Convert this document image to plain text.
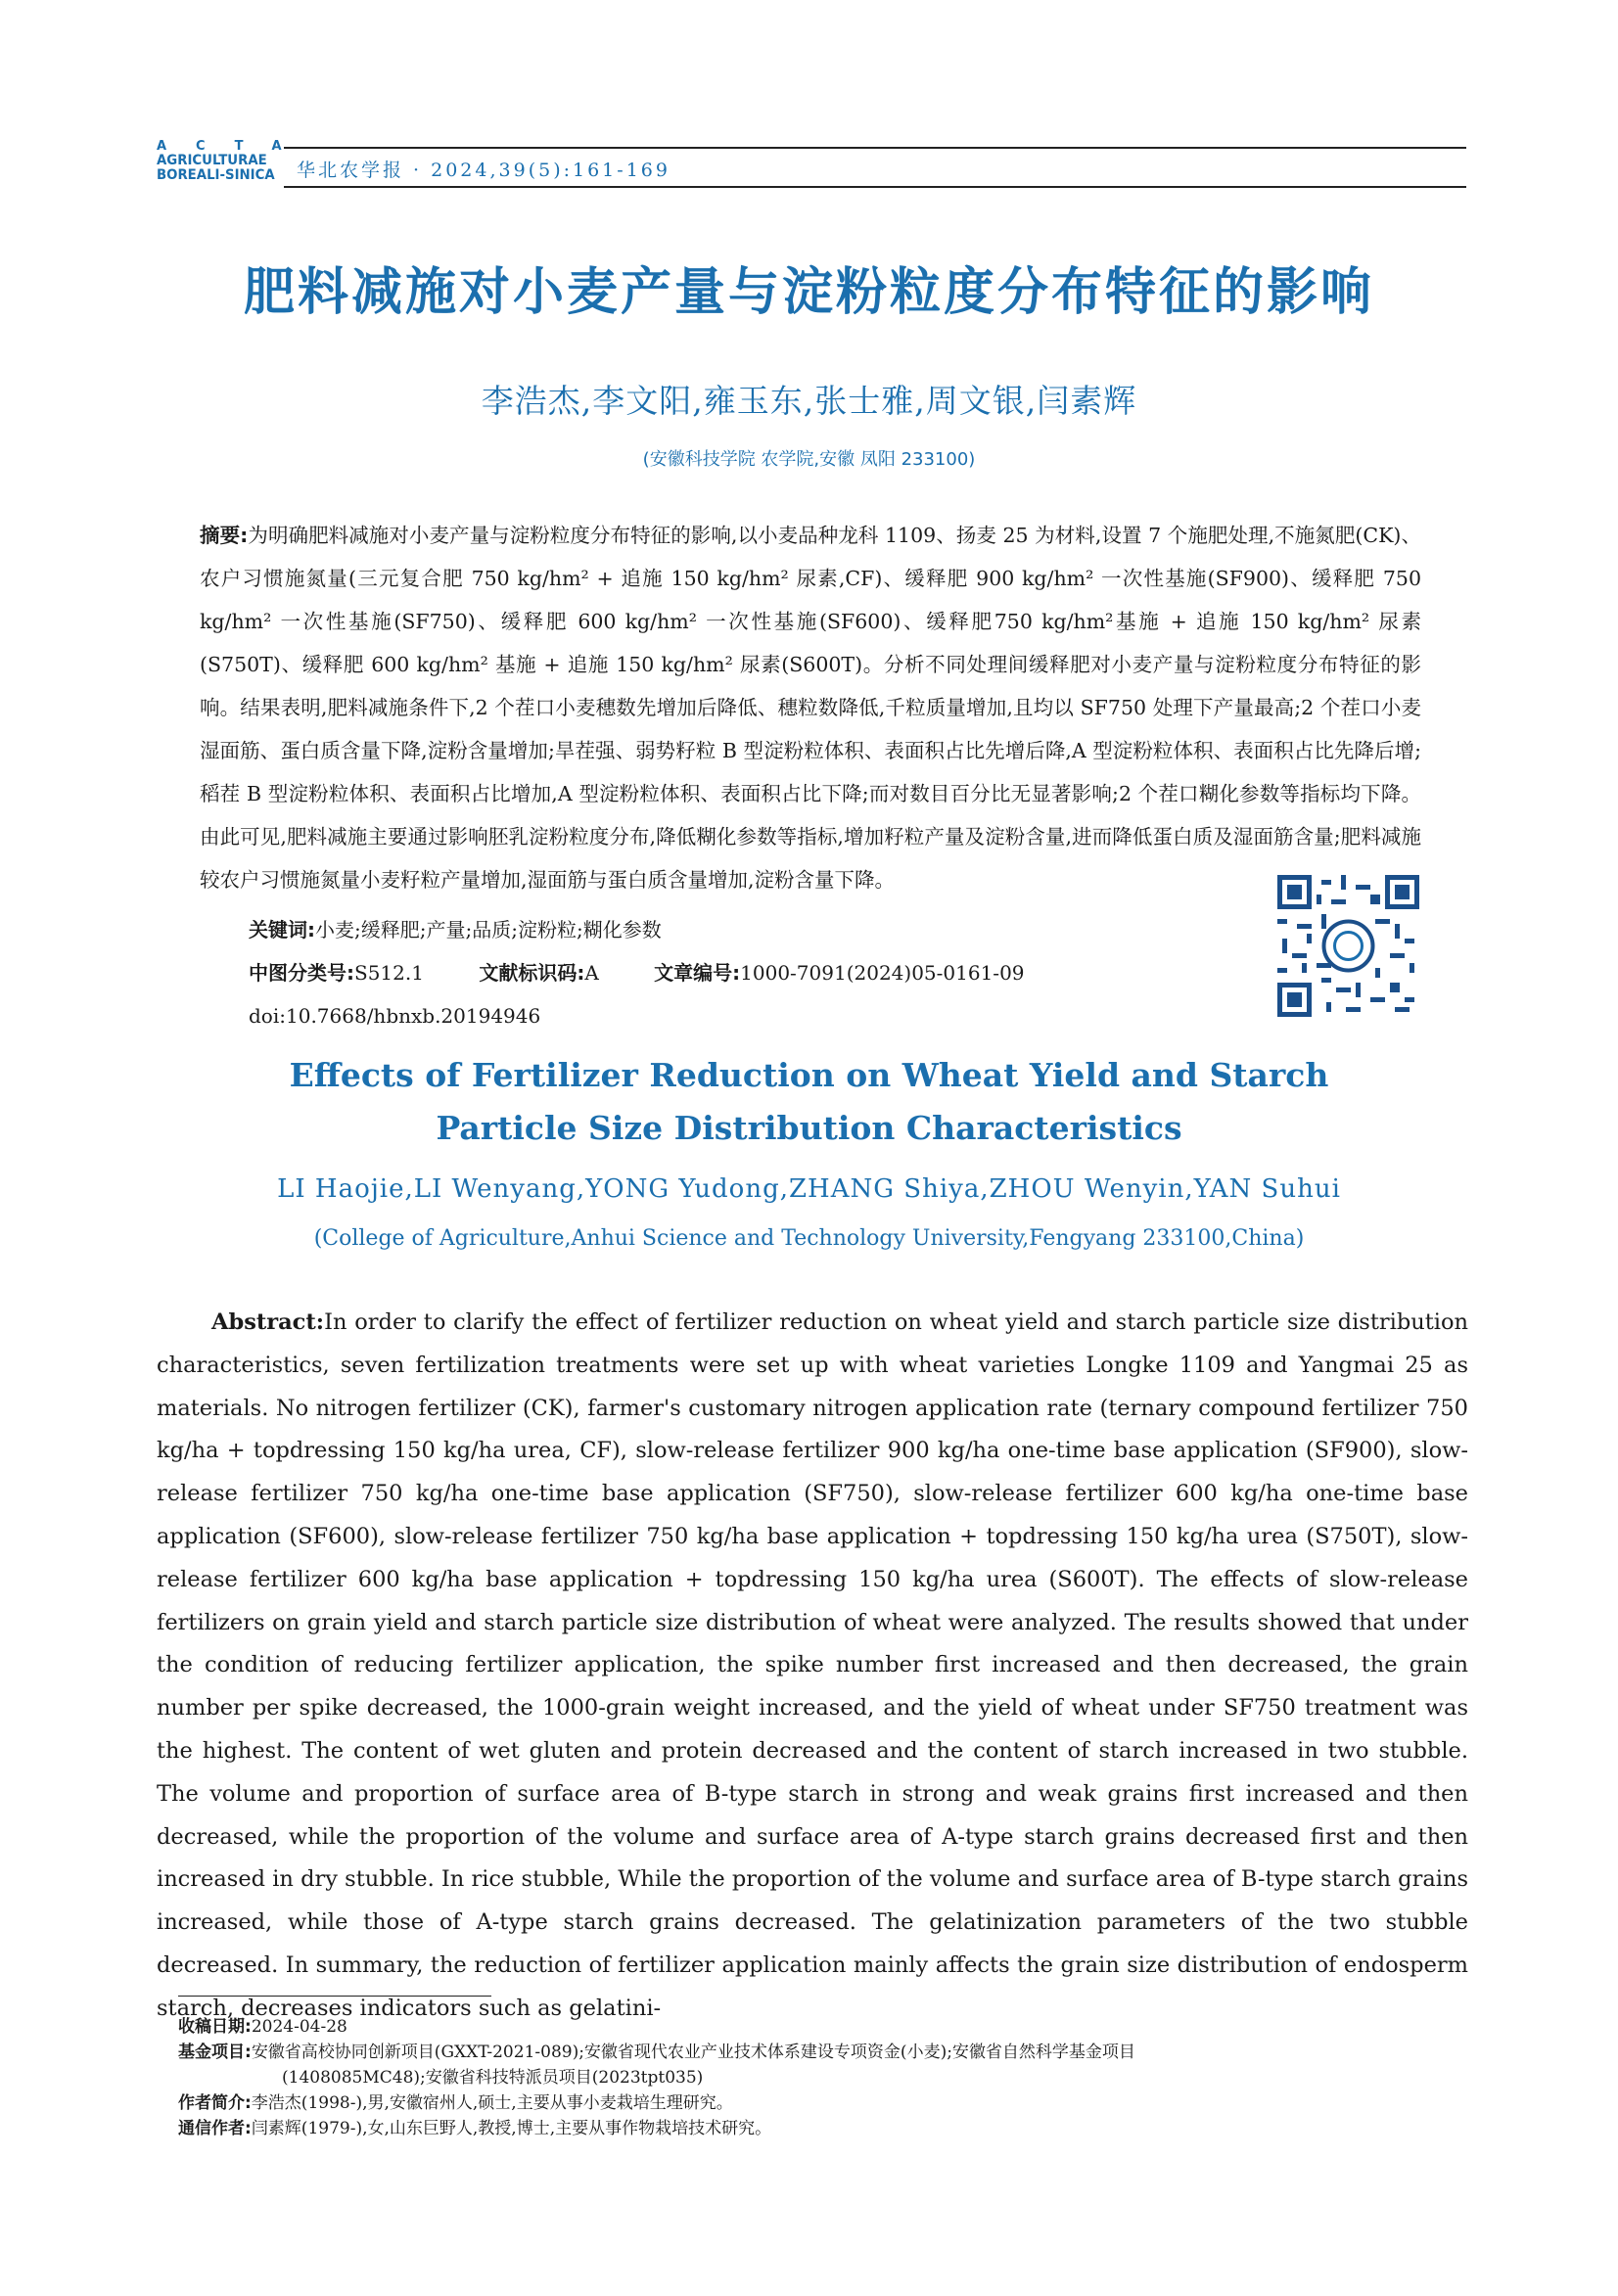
ACTA
AGRICULTURAE
BOREALI-SINICA 华北农学报 · 2024,39(5):161-169
肥料减施对小麦产量与淀粉粒度分布特征的影响
李浩杰,李文阳,雍玉东,张士雅,周文银,闫素辉
(安徽科技学院 农学院,安徽 凤阳 233100)
摘要:为明确肥料减施对小麦产量与淀粉粒度分布特征的影响,以小麦品种龙科 1109、扬麦 25 为材料,设置 7 个施肥处理,不施氮肥(CK)、农户习惯施氮量(三元复合肥 750 kg/hm² + 追施 150 kg/hm² 尿素,CF)、缓释肥 900 kg/hm² 一次性基施(SF900)、缓释肥 750 kg/hm² 一次性基施(SF750)、缓释肥 600 kg/hm² 一次性基施(SF600)、缓释肥750 kg/hm²基施 + 追施 150 kg/hm² 尿素(S750T)、缓释肥 600 kg/hm² 基施 + 追施 150 kg/hm² 尿素(S600T)。分析不同处理间缓释肥对小麦产量与淀粉粒度分布特征的影响。结果表明,肥料减施条件下,2 个茬口小麦穗数先增加后降低、穗粒数降低,千粒质量增加,且均以 SF750 处理下产量最高;2 个茬口小麦湿面筋、蛋白质含量下降,淀粉含量增加;旱茬强、弱势籽粒 B 型淀粉粒体积、表面积占比先增后降,A 型淀粉粒体积、表面积占比先降后增;稻茬 B 型淀粉粒体积、表面积占比增加,A 型淀粉粒体积、表面积占比下降;而对数目百分比无显著影响;2 个茬口糊化参数等指标均下降。由此可见,肥料减施主要通过影响胚乳淀粉粒度分布,降低糊化参数等指标,增加籽粒产量及淀粉含量,进而降低蛋白质及湿面筋含量;肥料减施较农户习惯施氮量小麦籽粒产量增加,湿面筋与蛋白质含量增加,淀粉含量下降。
关键词:小麦;缓释肥;产量;品质;淀粉粒;糊化参数
中图分类号:S512.1	文献标识码:A	文章编号:1000-7091(2024)05-0161-09
doi:10.7668/hbnxb.20194946
Effects of Fertilizer Reduction on Wheat Yield and Starch
Particle Size Distribution Characteristics
LI Haojie,LI Wenyang,YONG Yudong,ZHANG Shiya,ZHOU Wenyin,YAN Suhui
(College of Agriculture,Anhui Science and Technology University,Fengyang 233100,China)
Abstract:In order to clarify the effect of fertilizer reduction on wheat yield and starch particle size distribution characteristics, seven fertilization treatments were set up with wheat varieties Longke 1109 and Yangmai 25 as materials. No nitrogen fertilizer (CK), farmer's customary nitrogen application rate (ternary compound fertilizer 750 kg/ha + topdressing 150 kg/ha urea, CF), slow-release fertilizer 900 kg/ha one-time base application (SF900), slow-release fertilizer 750 kg/ha one-time base application (SF750), slow-release fertilizer 600 kg/ha one-time base application (SF600), slow-release fertilizer 750 kg/ha base application + topdressing 150 kg/ha urea (S750T), slow-release fertilizer 600 kg/ha base application + topdressing 150 kg/ha urea (S600T). The effects of slow-release fertilizers on grain yield and starch particle size distribution of wheat were analyzed. The results showed that under the condition of reducing fertilizer application, the spike number first increased and then decreased, the grain number per spike decreased, the 1000-grain weight increased, and the yield of wheat under SF750 treatment was the highest. The content of wet gluten and protein decreased and the content of starch increased in two stubble. The volume and proportion of surface area of B-type starch in strong and weak grains first increased and then decreased, while the proportion of the volume and surface area of A-type starch grains decreased first and then increased in dry stubble. In rice stubble, While the proportion of the volume and surface area of B-type starch grains increased, while those of A-type starch grains decreased. The gelatinization parameters of the two stubble decreased. In summary, the reduction of fertilizer application mainly affects the grain size distribution of endosperm starch, decreases indicators such as gelatini-
收稿日期:2024-04-28
基金项目:安徽省高校协同创新项目(GXXT-2021-089);安徽省现代农业产业技术体系建设专项资金(小麦);安徽省自然科学基金项目
(1408085MC48);安徽省科技特派员项目(2023tpt035)
作者简介:李浩杰(1998-),男,安徽宿州人,硕士,主要从事小麦栽培生理研究。
通信作者:闫素辉(1979-),女,山东巨野人,教授,博士,主要从事作物栽培技术研究。
